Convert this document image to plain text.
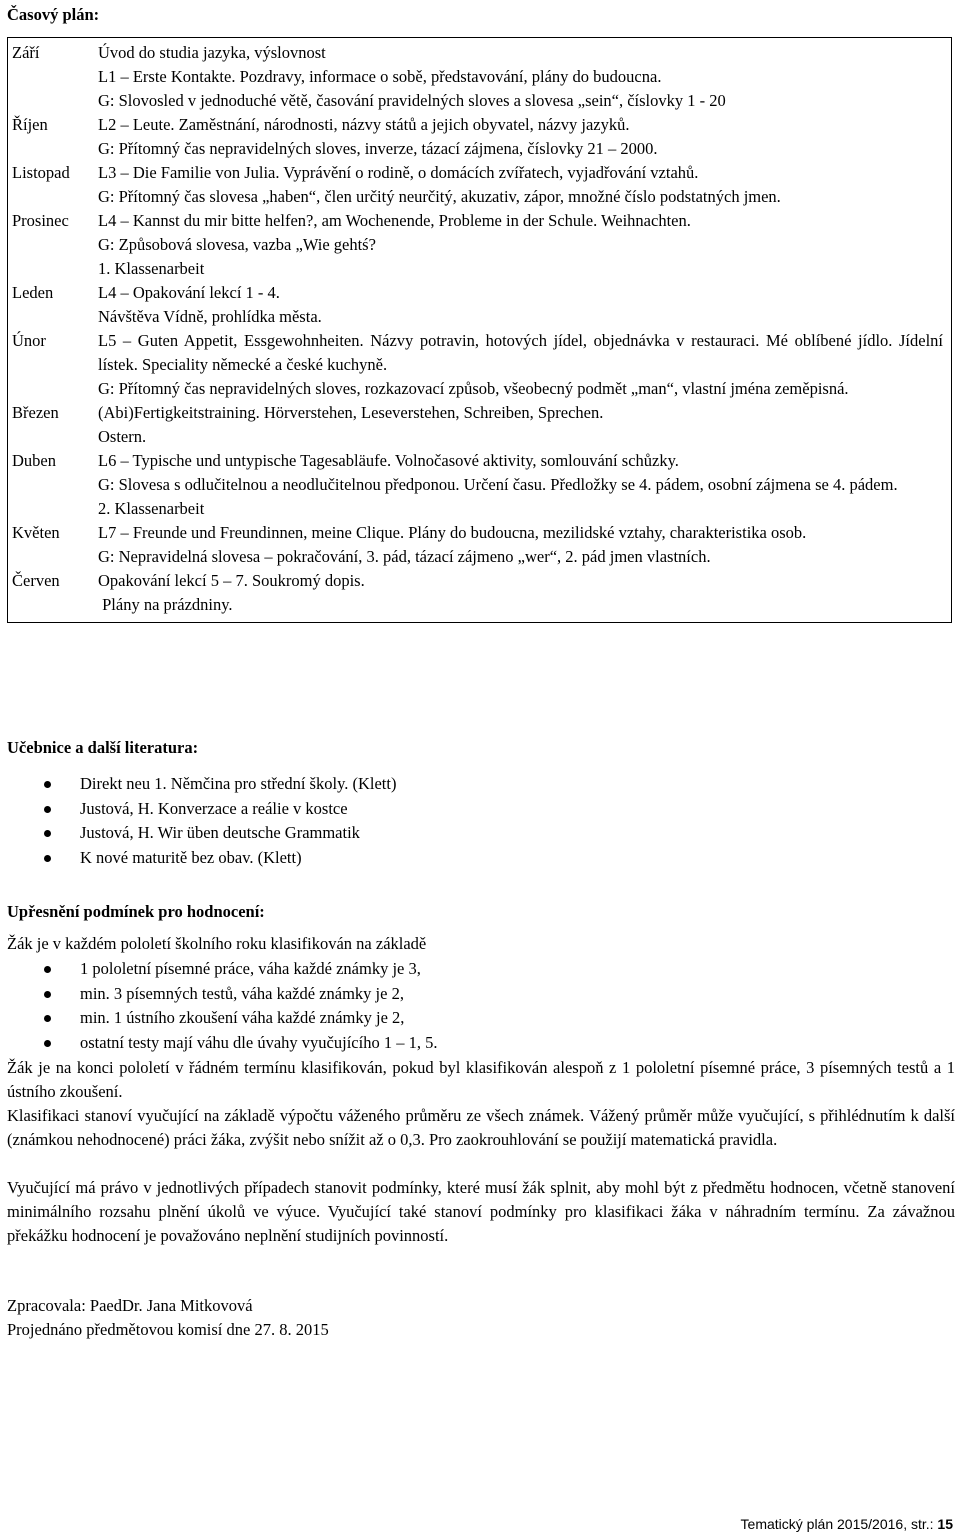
Časový plán:

Září	Úvod do studia jazyka, výslovnost
L1 – Erste Kontakte. Pozdravy, informace o sobě, představování, plány do budoucna.
G: Slovosled v jednoduché větě, časování pravidelných sloves a slovesa „sein“, číslovky 1 - 20

Říjen	L2 – Leute. Zaměstnání, národnosti, názvy států a jejich obyvatel, názvy jazyků.
G: Přítomný čas nepravidelných sloves, inverze, tázací zájmena, číslovky 21 – 2000.

Listopad	L3 – Die Familie von Julia. Vyprávění o rodině, o domácích zvířatech, vyjadřování vztahů.
G: Přítomný čas slovesa „haben“, člen určitý neurčitý, akuzativ, zápor, množné číslo podstatných jmen.

Prosinec	L4 – Kannst du mir bitte helfen?, am Wochenende, Probleme in der Schule. Weihnachten.
G: Způsobová slovesa, vazba „Wie gehtś?
1. Klassenarbeit

Leden	L4 – Opakování lekcí 1 - 4.
Návštěva Vídně, prohlídka města.

Únor	L5 – Guten Appetit, Essgewohnheiten. Názvy potravin, hotových jídel, objednávka v restauraci. Mé oblíbené jídlo. Jídelní lístek. Speciality německé a české kuchyně.
G: Přítomný čas nepravidelných sloves, rozkazovací způsob, všeobecný podmět „man“, vlastní jména zeměpisná.

Březen	(Abi)Fertigkeitstraining. Hörverstehen, Leseverstehen, Schreiben, Sprechen.
Ostern.

Duben	L6 – Typische und untypische Tagesabläufe. Volnočasové aktivity, somlouvání schůzky.
G: Slovesa s odlučitelnou a neodlučitelnou předponou. Určení času. Předložky se 4. pádem, osobní zájmena se 4. pádem.
2. Klassenarbeit

Květen	L7 – Freunde und Freundinnen, meine Clique. Plány do budoucna, mezilidské vztahy, charakteristika osob.
G: Nepravidelná slovesa – pokračování, 3. pád, tázací zájmeno „wer“, 2. pád jmen vlastních.

Červen	Opakování lekcí 5 – 7. Soukromý dopis.
Plány na prázdniny.

Učebnice a další literatura:

Direkt neu 1. Němčina pro střední školy. (Klett)
Justová, H. Konverzace a reálie v kostce
Justová, H. Wir üben deutsche Grammatik
K nové maturitě bez obav. (Klett)

Upřesnění podmínek pro hodnocení:

Žák je v každém pololetí školního roku klasifikován na základě

1 pololetní písemné práce, váha každé známky je 3,
min. 3 písemných testů, váha každé známky je 2,
min. 1 ústního zkoušení váha každé známky je 2,
ostatní testy mají váhu dle úvahy vyučujícího 1 – 1, 5.

Žák je na konci pololetí v řádném termínu klasifikován, pokud byl klasifikován alespoň z 1 pololetní písemné práce, 3 písemných testů a 1 ústního zkoušení.

Klasifikaci stanoví vyučující na základě výpočtu váženého průměru ze všech známek. Vážený průměr může vyučující, s přihlédnutím k další (známkou nehodnocené) práci žáka, zvýšit nebo snížit až o 0,3. Pro zaokrouhlování se použijí matematická pravidla.

Vyučující má právo v jednotlivých případech stanovit podmínky, které musí žák splnit, aby mohl být z předmětu hodnocen, včetně stanovení minimálního rozsahu plnění úkolů ve výuce. Vyučující také stanoví podmínky pro klasifikaci žáka v náhradním termínu. Za závažnou překážku hodnocení je považováno neplnění studijních povinností.

Zpracovala: PaedDr. Jana Mitkovová
Projednáno předmětovou komisí dne 27. 8. 2015
Tematický plán 2015/2016, str.: 15
